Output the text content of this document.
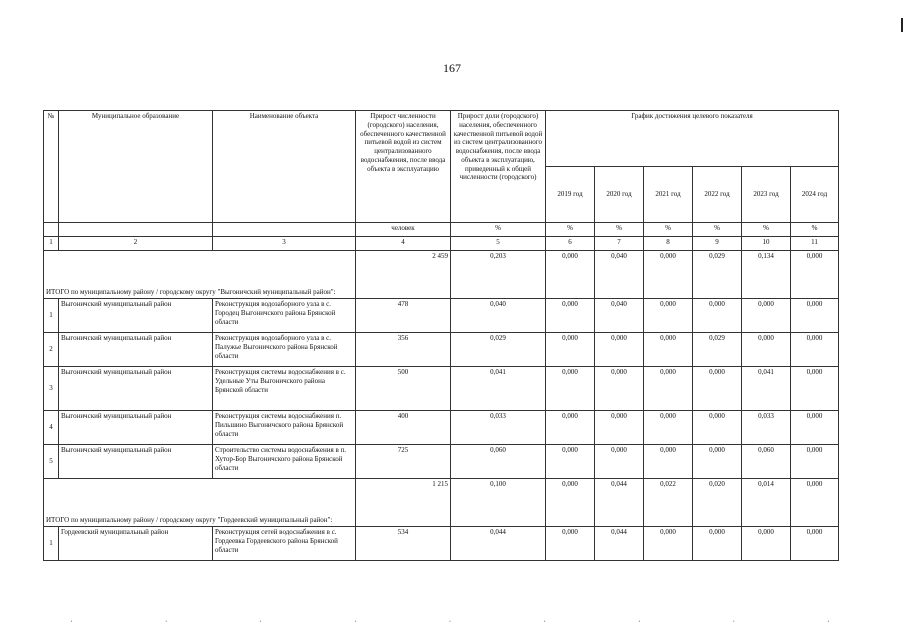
167
№	Муниципальное образование	Наименование объекта	Прирост численности (городского) населения, обеспеченного качественной питьевой водой из систем централизованного водоснабжения, после ввода объекта в эксплуатацию	Прирост доли (городского) населения, обеспеченного качественной питьевой водой из систем централизованного водоснабжения, после ввода объекта в эксплуатацию, приведенный к общей численности (городского)	График достижения целевого показателя					
					2019 год	2020 год	2021 год	2022 год	2023 год	2024 год
			человек	%	%	%	%	%	%	%
1	2	3	4	5	6	7	8	9	10	11
ИТОГО по муниципальному району / городскому округу "Выгоничский муниципальный район":			2 459	0,203	0,000	0,040	0,000	0,029	0,134	0,000
1	Выгоничский муниципальный район	Реконструкция водозаборного узла в с. Городец Выгоничского района Брянской области	478	0,040	0,000	0,040	0,000	0,000	0,000	0,000
2	Выгоничский муниципальный район	Реконструкция водозаборного узла в с. Палужье Выгоничского района Брянской области	356	0,029	0,000	0,000	0,000	0,029	0,000	0,000
3	Выгоничский муниципальный район	Реконструкция системы водоснабжения в с. Удельные Уты Выгоничского района Брянской области	500	0,041	0,000	0,000	0,000	0,000	0,041	0,000
4	Выгоничский муниципальный район	Реконструкция системы водоснабжения п. Пильшино Выгоничского района Брянской области	400	0,033	0,000	0,000	0,000	0,000	0,033	0,000
5	Выгоничский муниципальный район	Строительство системы водоснабжения в п. Хутор-Бор Выгоничского района Брянской области	725	0,060	0,000	0,000	0,000	0,000	0,060	0,000
ИТОГО по муниципальному району / городскому округу "Гордеевский муниципальный район":			1 215	0,100	0,000	0,044	0,022	0,020	0,014	0,000
1	Гордеевский муниципальный район	Реконструкция сетей водоснабжения в с. Гордеевка Гордеевского района Брянской области	534	0,044	0,000	0,044	0,000	0,000	0,000	0,000
ˌ	ˌ	ˌ	ˌ	ˌ	ˌ	ˌ	ˌ	ˌ
